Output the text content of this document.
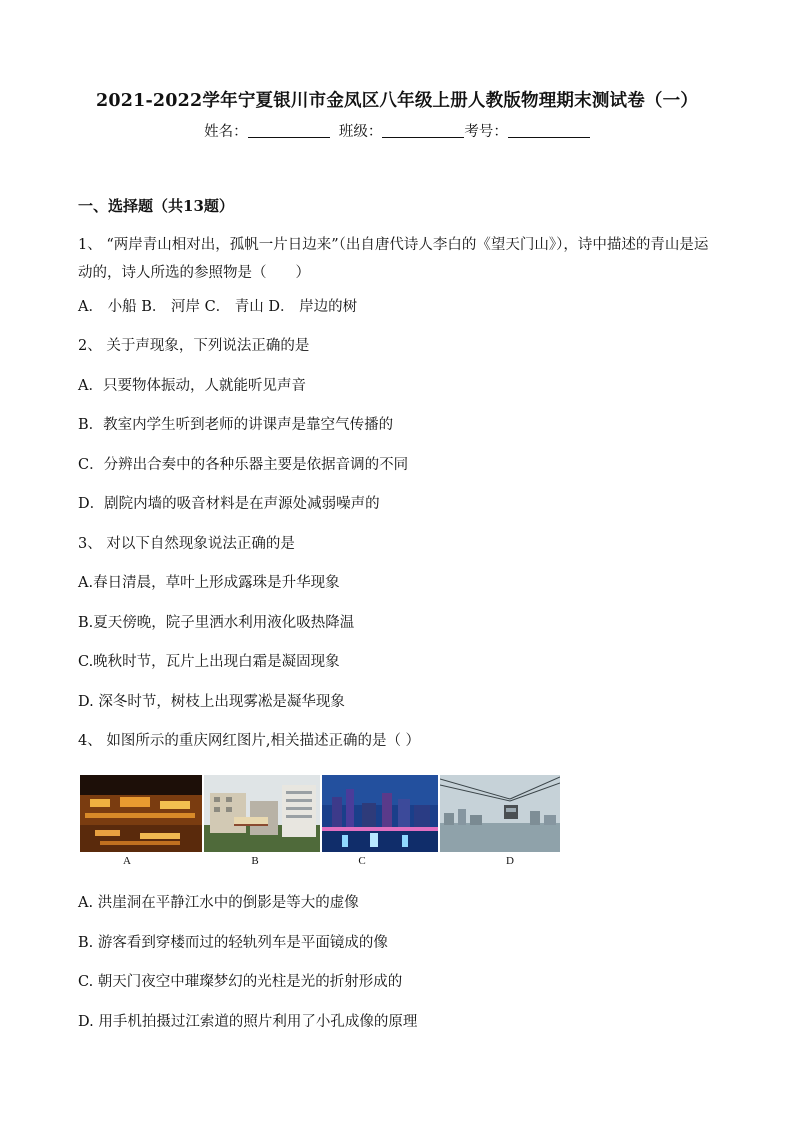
2021-2022学年宁夏银川市金凤区八年级上册人教版物理期末测试卷（一）
姓名：	班级：	考号：
一、选择题（共13题）
1、 “两岸青山相对出，孤帆一片日边来”（出自唐代诗人李白的《望天门山》），诗中描述的青山是运动的，诗人所选的参照物是（　　）
A． 小船 B． 河岸 C． 青山 D． 岸边的树
2、 关于声现象，下列说法正确的是
A．只要物体振动，人就能听见声音
B．教室内学生听到老师的讲课声是靠空气传播的
C．分辨出合奏中的各种乐器主要是依据音调的不同
D．剧院内墙的吸音材料是在声源处减弱噪声的
3、 对以下自然现象说法正确的是
A.春日清晨，草叶上形成露珠是升华现象
B.夏天傍晚，院子里洒水利用液化吸热降温
C.晚秋时节，瓦片上出现白霜是凝固现象
D. 深冬时节，树枝上出现雾凇是凝华现象
4、 如图所示的重庆网红图片,相关描述正确的是（ ）
A	B	C	D
A. 洪崖洞在平静江水中的倒影是等大的虚像
B. 游客看到穿楼而过的轻轨列车是平面镜成的像
C. 朝天门夜空中璀璨梦幻的光柱是光的折射形成的
D. 用手机拍摄过江索道的照片利用了小孔成像的原理
